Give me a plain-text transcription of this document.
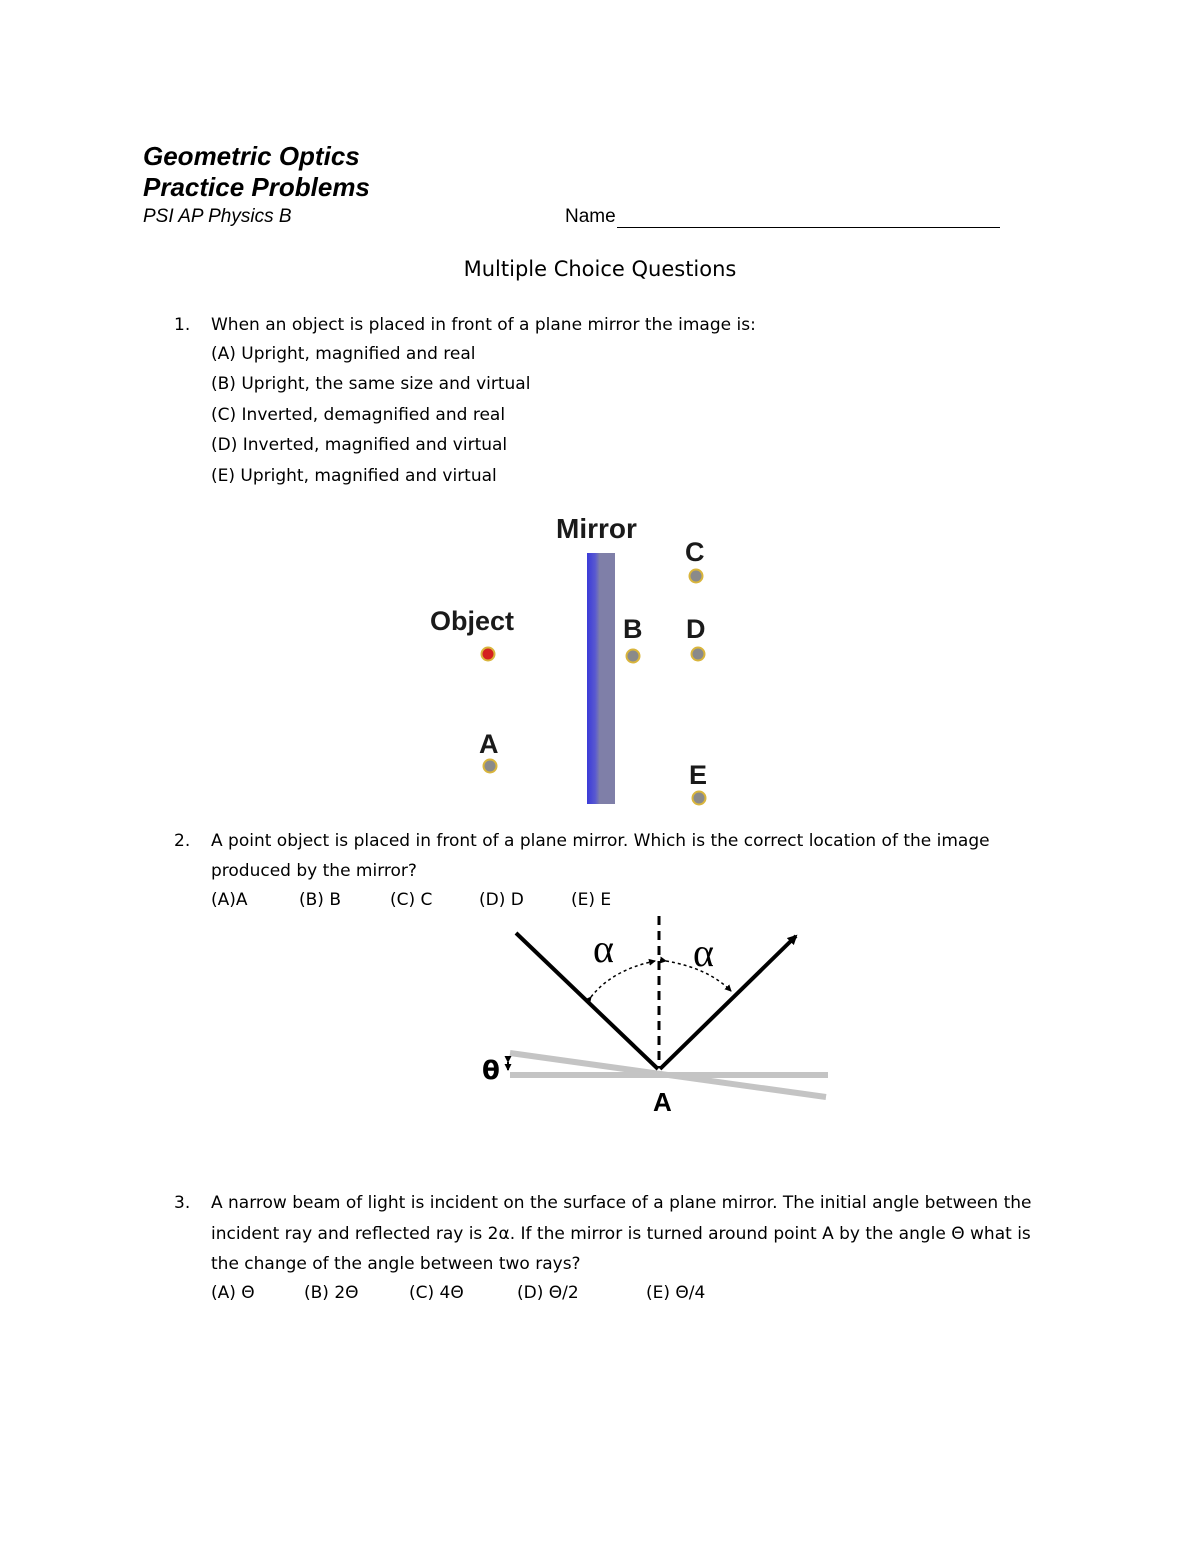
Geometric Optics
Practice Problems
PSI AP Physics B	Name
Multiple Choice Questions
1. When an object is placed in front of a plane mirror the image is:
(A) Upright, magnified and real
(B) Upright, the same size and virtual
(C) Inverted, demagnified and real
(D) Inverted, magnified and virtual
(E) Upright, magnified and virtual
Mirror
Object
A
B
C
D
E
2. A point object is placed in front of a plane mirror. Which is the correct location of the image
produced by the mirror?
(A)A	(B) B	(C) C	(D) D	(E) E
α α
θ
A
3. A narrow beam of light is incident on the surface of a plane mirror. The initial angle between the
incident ray and reflected ray is 2α. If the mirror is turned around point A by the angle Θ what is
the change of the angle between two rays?
(A) Θ	(B) 2Θ	(C) 4Θ	(D) Θ/2	(E) Θ/4
